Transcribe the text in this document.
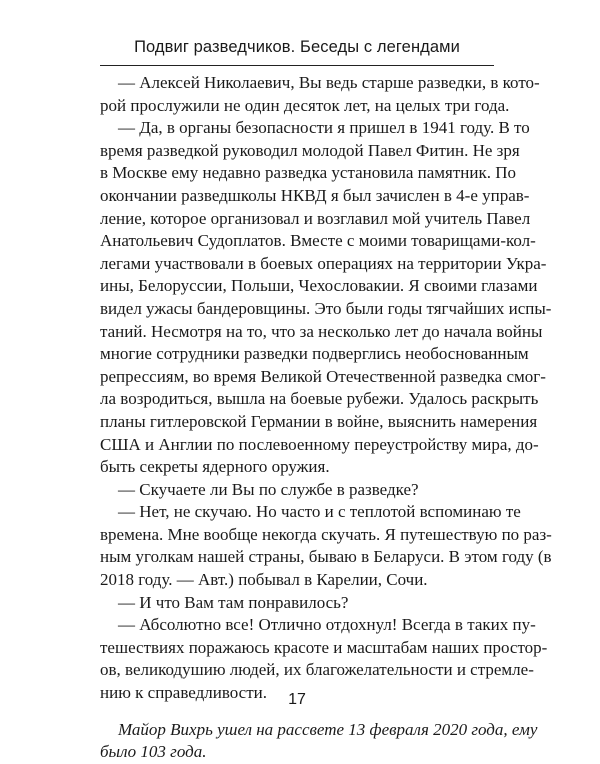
Подвиг разведчиков. Беседы с легендами
— Алексей Николаевич, Вы ведь старше разведки, в кото-
рой прослужили не один десяток лет, на целых три года.
— Да, в органы безопасности я пришел в 1941 году. В то
время разведкой руководил молодой Павел Фитин. Не зря
в Москве ему недавно разведка установила памятник. По
окончании разведшколы НКВД я был зачислен в 4-е управ-
ление, которое организовал и возглавил мой учитель Павел
Анатольевич Судоплатов. Вместе с моими товарищами-кол-
легами участвовали в боевых операциях на территории Укра-
ины, Белоруссии, Польши, Чехословакии. Я своими глазами
видел ужасы бандеровщины. Это были годы тягчайших испы-
таний. Несмотря на то, что за несколько лет до начала войны
многие сотрудники разведки подверглись необоснованным
репрессиям, во время Великой Отечественной разведка смог-
ла возродиться, вышла на боевые рубежи. Удалось раскрыть
планы гитлеровской Германии в войне, выяснить намерения
США и Англии по послевоенному переустройству мира, до-
быть секреты ядерного оружия.
— Скучаете ли Вы по службе в разведке?
— Нет, не скучаю. Но часто и с теплотой вспоминаю те
времена. Мне вообще некогда скучать. Я путешествую по раз-
ным уголкам нашей страны, бываю в Беларуси. В этом году (в
2018 году. — Авт.) побывал в Карелии, Сочи.
— И что Вам там понравилось?
— Абсолютно все! Отлично отдохнул! Всегда в таких пу-
тешествиях поражаюсь красоте и масштабам наших простор-
ов, великодушию людей, их благожелательности и стремле-
нию к справедливости.
Майор Вихрь ушел на рассвете 13 февраля 2020 года, ему
было 103 года.
17
